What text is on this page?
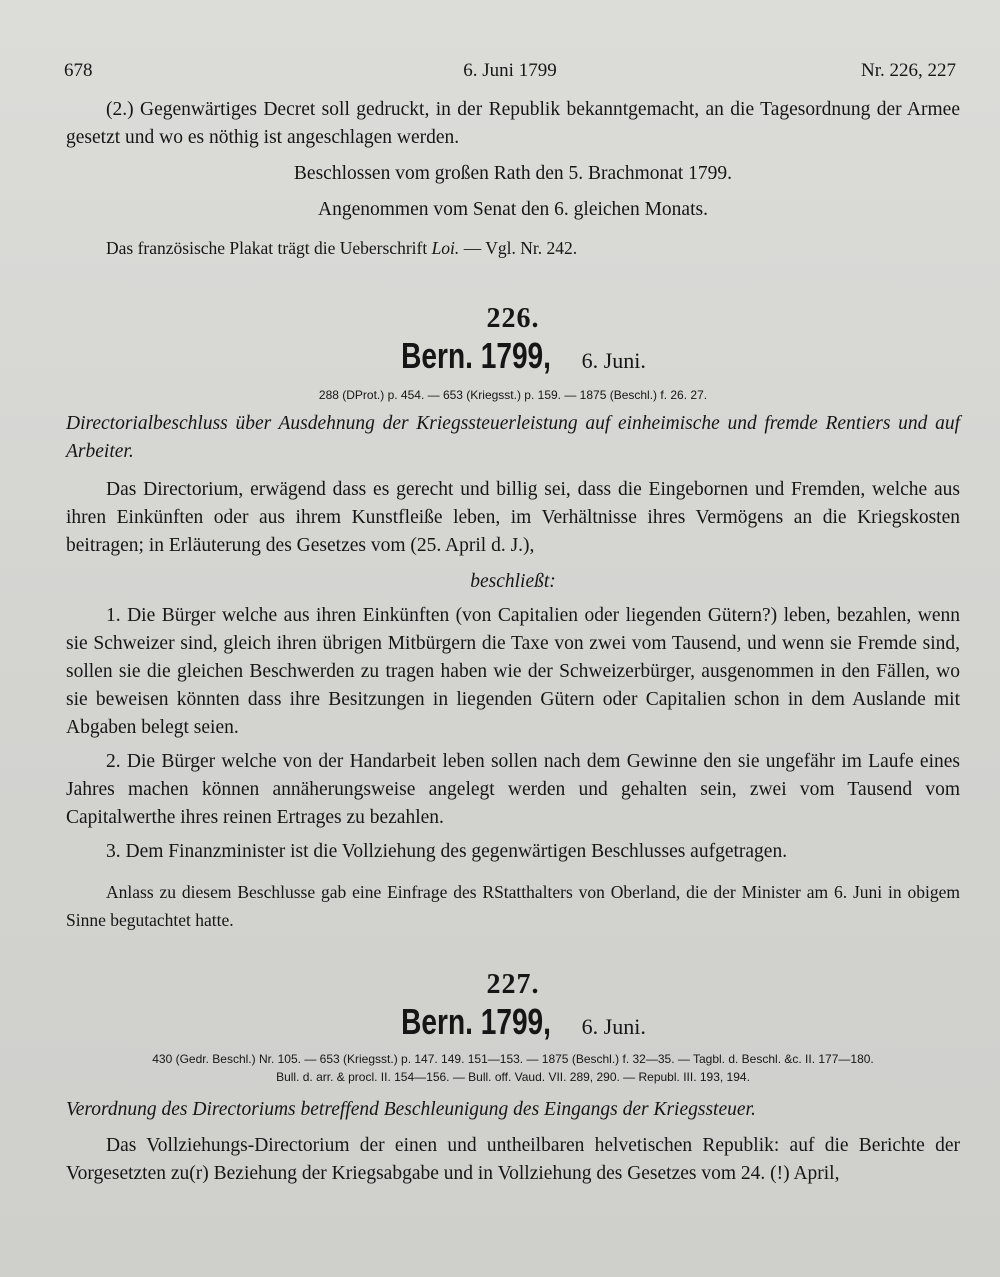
678	6. Juni 1799	Nr. 226, 227

(2.) Gegenwärtiges Decret soll gedruckt, in der Republik bekanntgemacht, an die Tagesordnung der Armee gesetzt und wo es nöthig ist angeschlagen werden.

Beschlossen vom großen Rath den 5. Brachmonat 1799.

Angenommen vom Senat den 6. gleichen Monats.

Das französische Plakat trägt die Ueberschrift Loi. — Vgl. Nr. 242.

226.
Bern. 1799, 6. Juni.

288 (DProt.) p. 454. — 653 (Kriegsst.) p. 159. — 1875 (Beschl.) f. 26. 27.

Directorialbeschluss über Ausdehnung der Kriegssteuerleistung auf einheimische und fremde Rentiers und auf Arbeiter.

Das Directorium, erwägend dass es gerecht und billig sei, dass die Eingebornen und Fremden, welche aus ihren Einkünften oder aus ihrem Kunstfleiße leben, im Verhältnisse ihres Vermögens an die Kriegskosten beitragen; in Erläuterung des Gesetzes vom (25. April d. J.),

beschließt:

1. Die Bürger welche aus ihren Einkünften (von Capitalien oder liegenden Gütern?) leben, bezahlen, wenn sie Schweizer sind, gleich ihren übrigen Mitbürgern die Taxe von zwei vom Tausend, und wenn sie Fremde sind, sollen sie die gleichen Beschwerden zu tragen haben wie der Schweizerbürger, ausgenommen in den Fällen, wo sie beweisen könnten dass ihre Besitzungen in liegenden Gütern oder Capitalien schon in dem Auslande mit Abgaben belegt seien.

2. Die Bürger welche von der Handarbeit leben sollen nach dem Gewinne den sie ungefähr im Laufe eines Jahres machen können annäherungsweise angelegt werden und gehalten sein, zwei vom Tausend vom Capitalwerthe ihres reinen Ertrages zu bezahlen.

3. Dem Finanzminister ist die Vollziehung des gegenwärtigen Beschlusses aufgetragen.

Anlass zu diesem Beschlusse gab eine Einfrage des RStatthalters von Oberland, die der Minister am 6. Juni in obigem Sinne begutachtet hatte.

227.
Bern. 1799, 6. Juni.

430 (Gedr. Beschl.) Nr. 105. — 653 (Kriegsst.) p. 147. 149. 151—153. — 1875 (Beschl.) f. 32—35. — Tagbl. d. Beschl. &c. II. 177—180.

Bull. d. arr. & procl. II. 154—156. — Bull. off. Vaud. VII. 289, 290. — Republ. III. 193, 194.

Verordnung des Directoriums betreffend Beschleunigung des Eingangs der Kriegssteuer.

Das Vollziehungs-Directorium der einen und untheilbaren helvetischen Republik: auf die Berichte der Vorgesetzten zu(r) Beziehung der Kriegsabgabe und in Vollziehung des Gesetzes vom 24. (!) April,
